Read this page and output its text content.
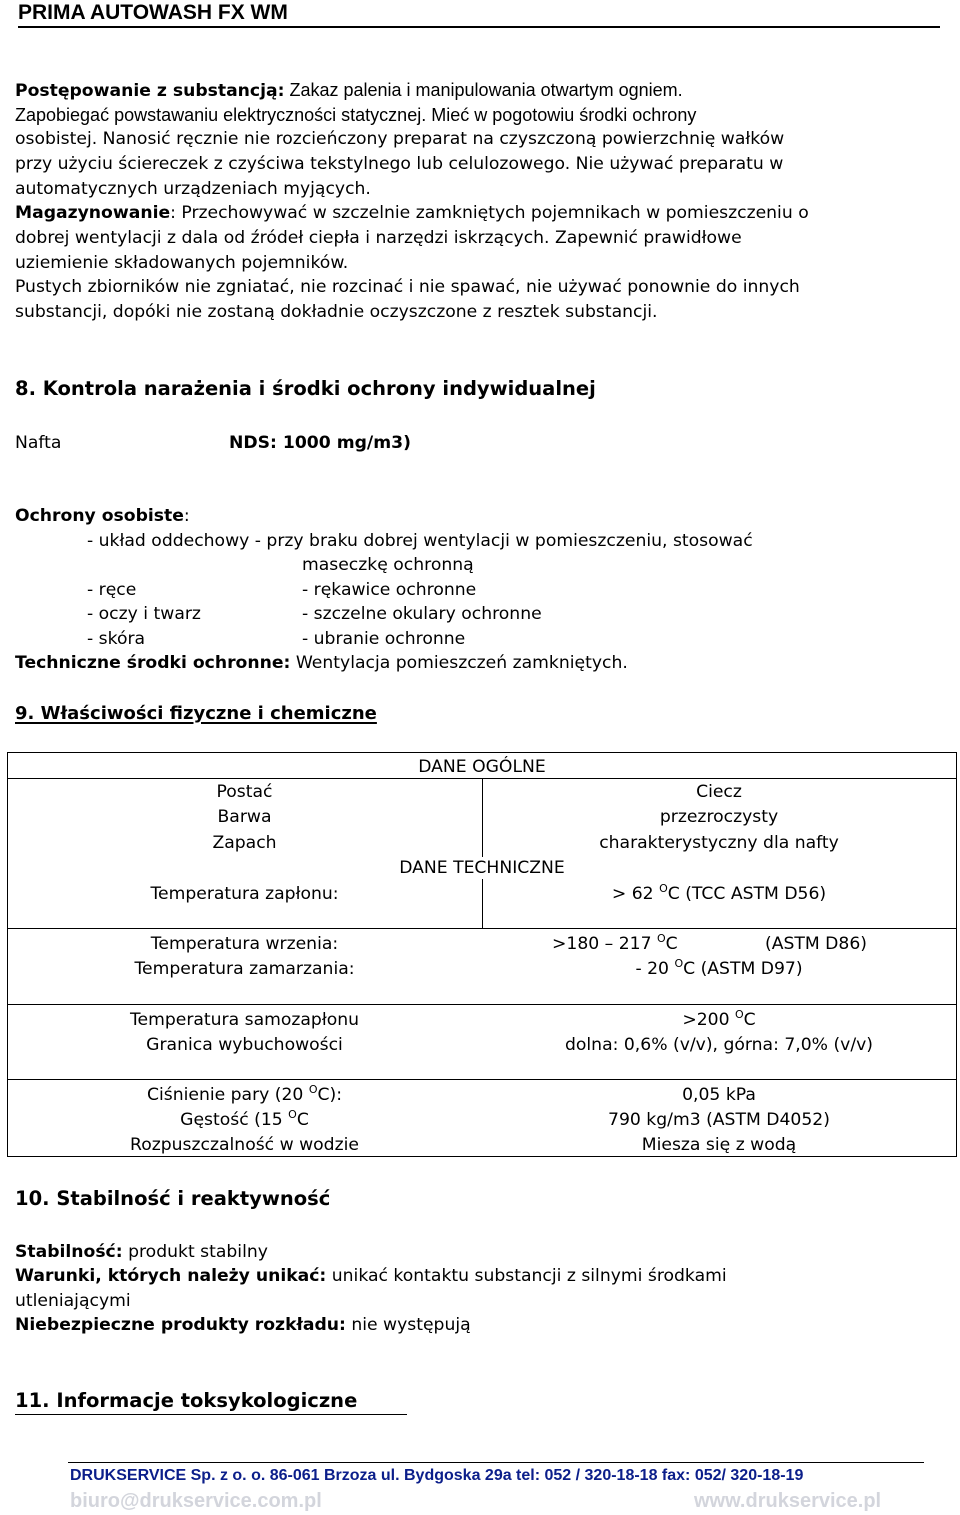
PRIMA AUTOWASH FX WM
Postępowanie z substancją: Zakaz palenia i manipulowania otwartym ogniem.
Zapobiegać powstawaniu elektryczności statycznej. Mieć w pogotowiu środki ochrony
osobistej. Nanosić ręcznie nie rozcieńczony preparat na czyszczoną powierzchnię wałków
przy użyciu ściereczek z czyściwa tekstylnego lub celulozowego. Nie używać preparatu w
automatycznych urządzeniach myjących.
Magazynowanie: Przechowywać w szczelnie zamkniętych pojemnikach w pomieszczeniu o
dobrej wentylacji z dala od źródeł ciepła i narzędzi iskrzących. Zapewnić prawidłowe
uziemienie składowanych pojemników.
Pustych zbiorników nie zgniatać, nie rozcinać i nie spawać, nie używać ponownie do innych
substancji, dopóki nie zostaną dokładnie oczyszczone z resztek substancji.
8. Kontrola narażenia i środki ochrony indywidualnej
Nafta	NDS: 1000 mg/m3)
Ochrony osobiste:
- układ oddechowy - przy braku dobrej wentylacji w pomieszczeniu, stosować
maseczkę ochronną
- ręce	- rękawice ochronne
- oczy i twarz	- szczelne okulary ochronne
- skóra	- ubranie ochronne
Techniczne środki ochronne: Wentylacja pomieszczeń zamkniętych.
9. Właściwości fizyczne i chemiczne
DANE OGÓLNE
Postać	Ciecz
Barwa	przezroczysty
Zapach	charakterystyczny dla nafty
DANE TECHNICZNE
Temperatura zapłonu:	> 62 $^O$C (TCC ASTM D56)
Temperatura wrzenia:	>180 – 217 $^O$C	(ASTM D86)
Temperatura zamarzania:	- 20 $^O$C (ASTM D97)
Temperatura samozapłonu	>200 $^O$C
Granica wybuchowości	dolna: 0,6% (v/v), górna: 7,0% (v/v)
Ciśnienie pary (20 $^O$C):	0,05 kPa
Gęstość (15 $^O$C	790 kg/m3 (ASTM D4052)
Rozpuszczalność w wodzie	Miesza się z wodą
10. Stabilność i reaktywność
Stabilność: produkt stabilny
Warunki, których należy unikać: unikać kontaktu substancji z silnymi środkami
utleniającymi
Niebezpieczne produkty rozkładu: nie występują
11. Informacje toksykologiczne
DRUKSERVICE Sp. z o. o. 86-061 Brzoza ul. Bydgoska 29a tel: 052 / 320-18-18 fax: 052/ 320-18-19
biuro@drukservice.com.pl	www.drukservice.pl
